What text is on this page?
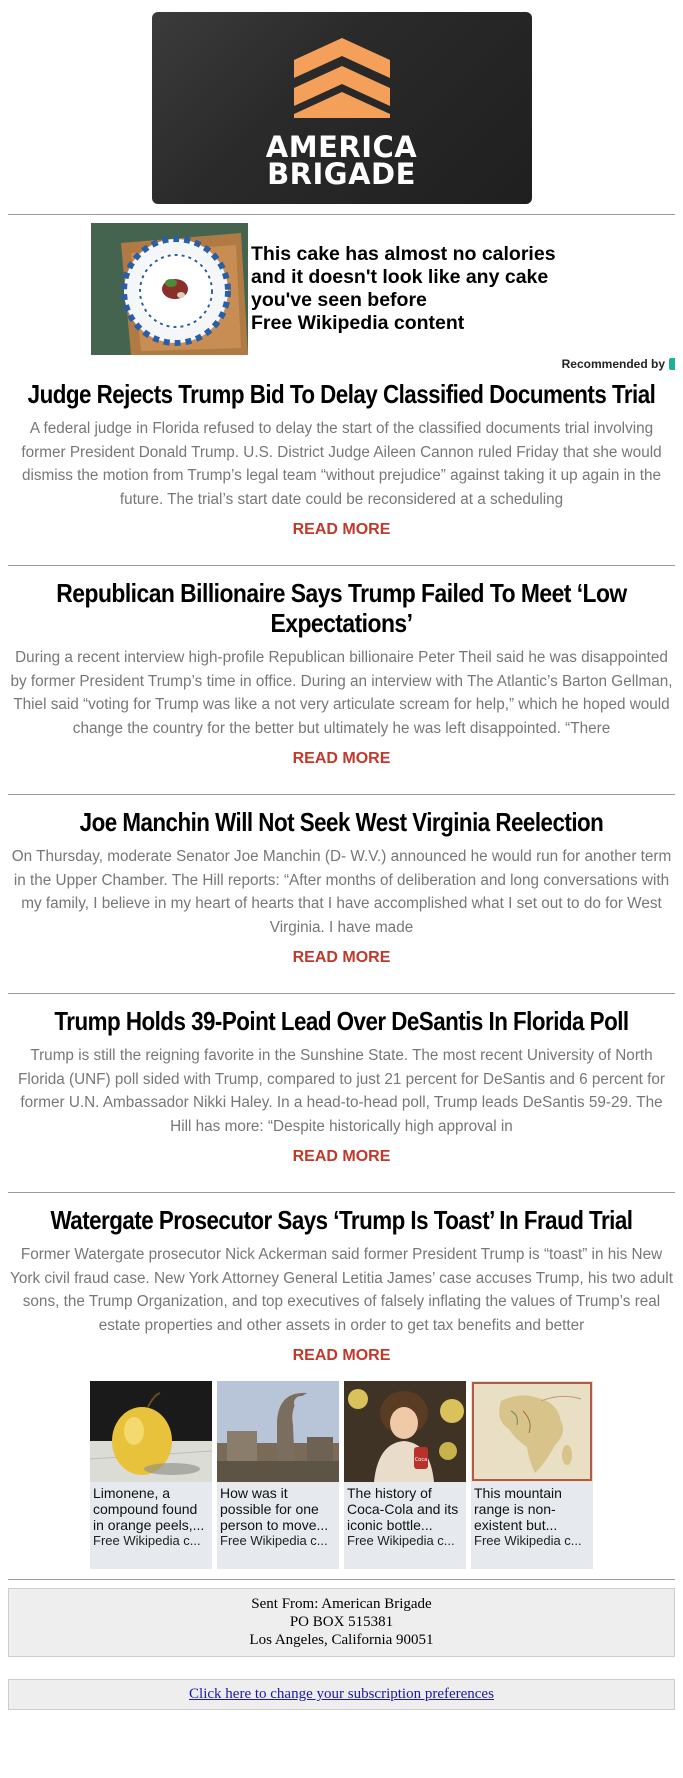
AMERICA
BRIGADE
This cake has almost no calories and it doesn't look like any cake you've seen before
Free Wikipedia content
Recommended by
Judge Rejects Trump Bid To Delay Classified Documents Trial

A federal judge in Florida refused to delay the start of the classified documents trial involving former President Donald Trump. U.S. District Judge Aileen Cannon ruled Friday that she would dismiss the motion from Trump’s legal team “without prejudice” against taking it up again in the future. The trial’s start date could be reconsidered at a scheduling

READ MORE
Republican Billionaire Says Trump Failed To Meet ‘Low Expectations’

During a recent interview high-profile Republican billionaire Peter Theil said he was disappointed by former President Trump’s time in office. During an interview with The Atlantic’s Barton Gellman, Thiel said “voting for Trump was like a not very articulate scream for help,” which he hoped would change the country for the better but ultimately he was left disappointed. “There

READ MORE
Joe Manchin Will Not Seek West Virginia Reelection

On Thursday, moderate Senator Joe Manchin (D- W.V.) announced he would run for another term in the Upper Chamber. The Hill reports: “After months of deliberation and long conversations with my family, I believe in my heart of hearts that I have accomplished what I set out to do for West Virginia. I have made

READ MORE
Trump Holds 39-Point Lead Over DeSantis In Florida Poll

Trump is still the reigning favorite in the Sunshine State. The most recent University of North Florida (UNF) poll sided with Trump, compared to just 21 percent for DeSantis and 6 percent for former U.N. Ambassador Nikki Haley. In a head-to-head poll, Trump leads DeSantis 59-29. The Hill has more: “Despite historically high approval in

READ MORE
Watergate Prosecutor Says ‘Trump Is Toast’ In Fraud Trial

Former Watergate prosecutor Nick Ackerman said former President Trump is “toast” in his New York civil fraud case. New York Attorney General Letitia James’ case accuses Trump, his two adult sons, the Trump Organization, and top executives of falsely inflating the values of Trump’s real estate properties and other assets in order to get tax benefits and better

READ MORE
Limonene, a compound found in orange peels,...
Free Wikipedia c...
How was it possible for one person to move...
Free Wikipedia c...
Coca
The history of Coca-Cola and its iconic bottle...
Free Wikipedia c...
This mountain range is non-existent but...
Free Wikipedia c...
Sent From: American Brigade
PO BOX 515381
Los Angeles, California 90051
Click here to change your subscription preferences
